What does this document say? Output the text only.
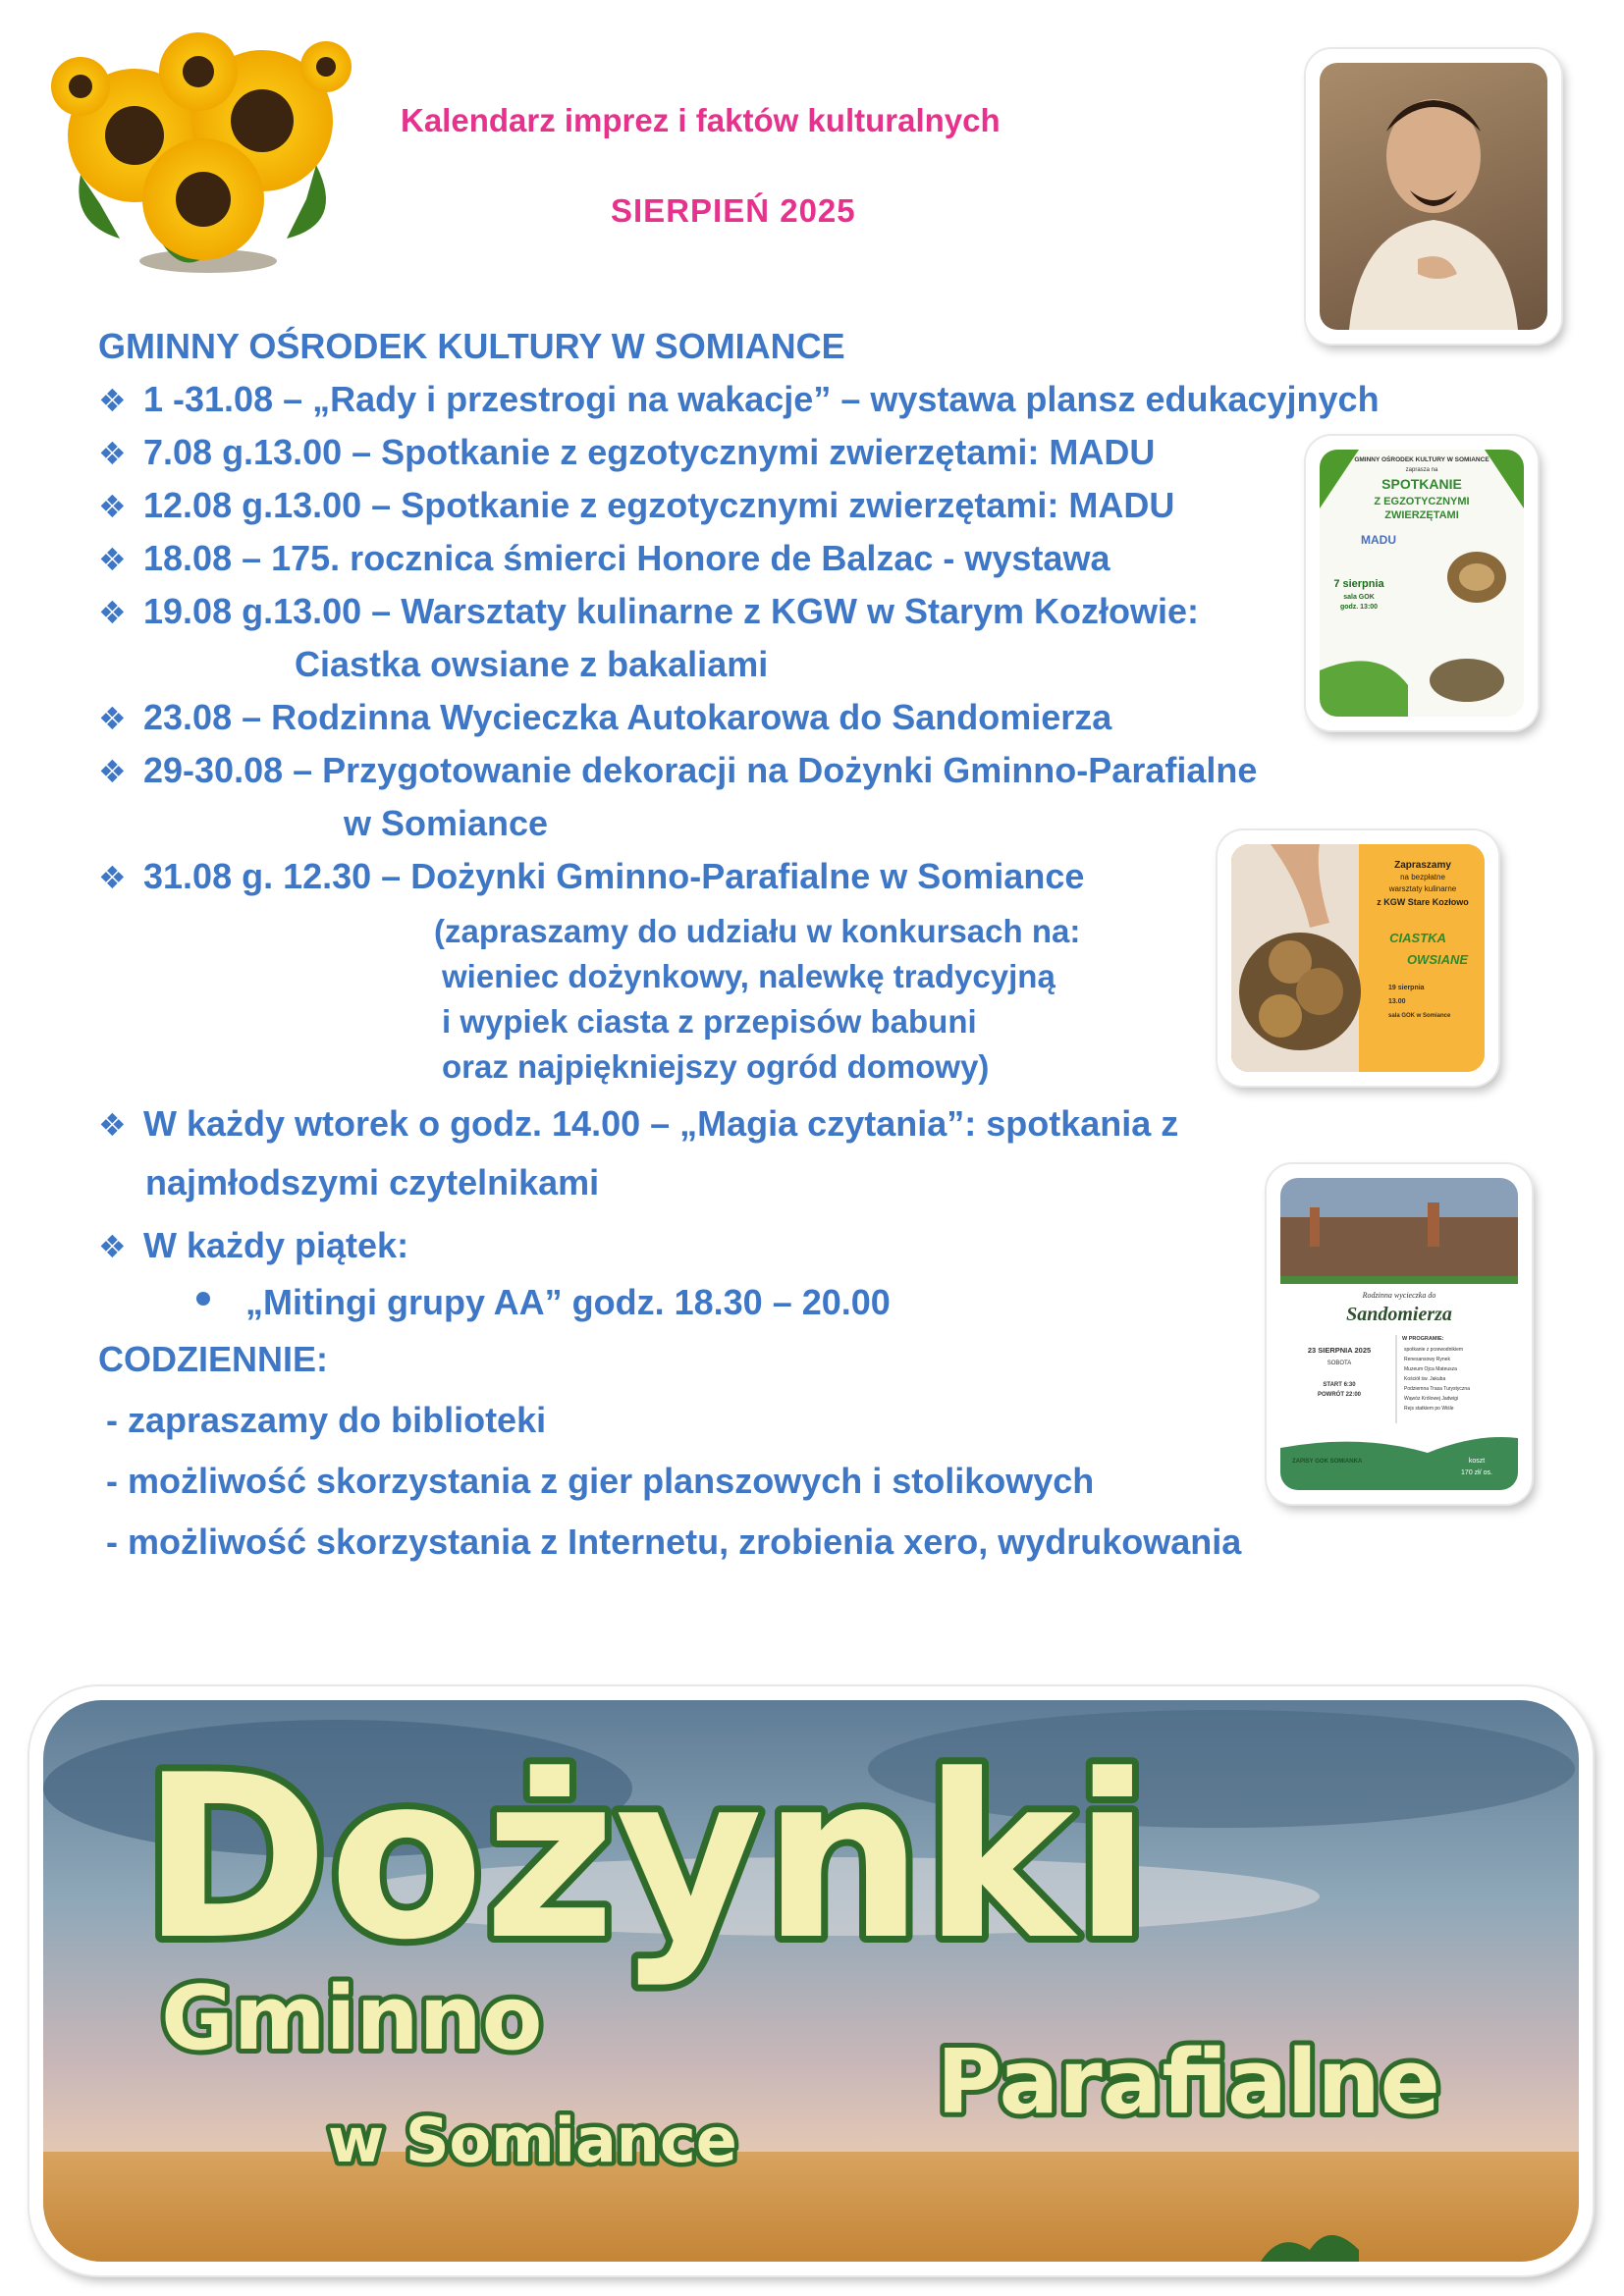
Kalendarz imprez i faktów kulturalnych
SIERPIEŃ 2025
GMINNY OŚRODEK KULTURY W SOMIANCE
❖ 1 -31.08 – „Rady i przestrogi na wakacje” – wystawa plansz edukacyjnych
❖ 7.08 g.13.00 – Spotkanie z egzotycznymi zwierzętami: MADU
❖ 12.08 g.13.00 – Spotkanie z egzotycznymi zwierzętami: MADU
❖ 18.08 – 175. rocznica śmierci Honore de Balzac - wystawa
❖ 19.08 g.13.00 – Warsztaty kulinarne z KGW w Starym Kozłowie:
Ciastka owsiane z bakaliami
❖ 23.08 – Rodzinna Wycieczka Autokarowa do Sandomierza
❖ 29-30.08 – Przygotowanie dekoracji na Dożynki Gminno-Parafialne
w Somiance
❖ 31.08 g. 12.30 – Dożynki Gminno-Parafialne w Somiance
(zapraszamy do udziału w konkursach na:
wieniec dożynkowy, nalewkę tradycyjną
i wypiek ciasta z przepisów babuni
oraz najpiękniejszy ogród domowy)
❖ W każdy wtorek o godz. 14.00 – „Magia czytania”: spotkania z
najmłodszymi czytelnikami
❖ W każdy piątek:
„Mitingi grupy AA” godz. 18.30 – 20.00
CODZIENNIE:
- zapraszamy do biblioteki
- możliwość skorzystania z gier planszowych i stolikowych
- możliwość skorzystania z Internetu, zrobienia xero, wydrukowania
GMINNY OŚRODEK KULTURY W SOMIANCE
zaprasza na
SPOTKANIE
Z EGZOTYCZNYMI
ZWIERZĘTAMI
MADU
7 sierpnia
sala GOK
godz. 13:00
Zapraszamy
na bezpłatne
warsztaty kulinarne
z KGW Stare Kozłowo
CIASTKA
OWSIANE
19 sierpnia
13.00
sala GOK w Somiance
Rodzinna wycieczka do
Sandomierza
23 SIERPNIA 2025
SOBOTA
START 6:30
POWRÓT 22:00
W PROGRAMIE:
spotkanie z przewodnikiem
Renesansowy Rynek
Muzeum Ojca Mateusza
Kościół św. Jakuba
Podziemna Trasa Turystyczna
Wąwóz Królowej Jadwigi
Rejs statkiem po Wiśle
ZAPISY GOK SOMIANKA	koszt
170 zł/ os.
Dożynki
Gminno
Parafialne
w Somiance
